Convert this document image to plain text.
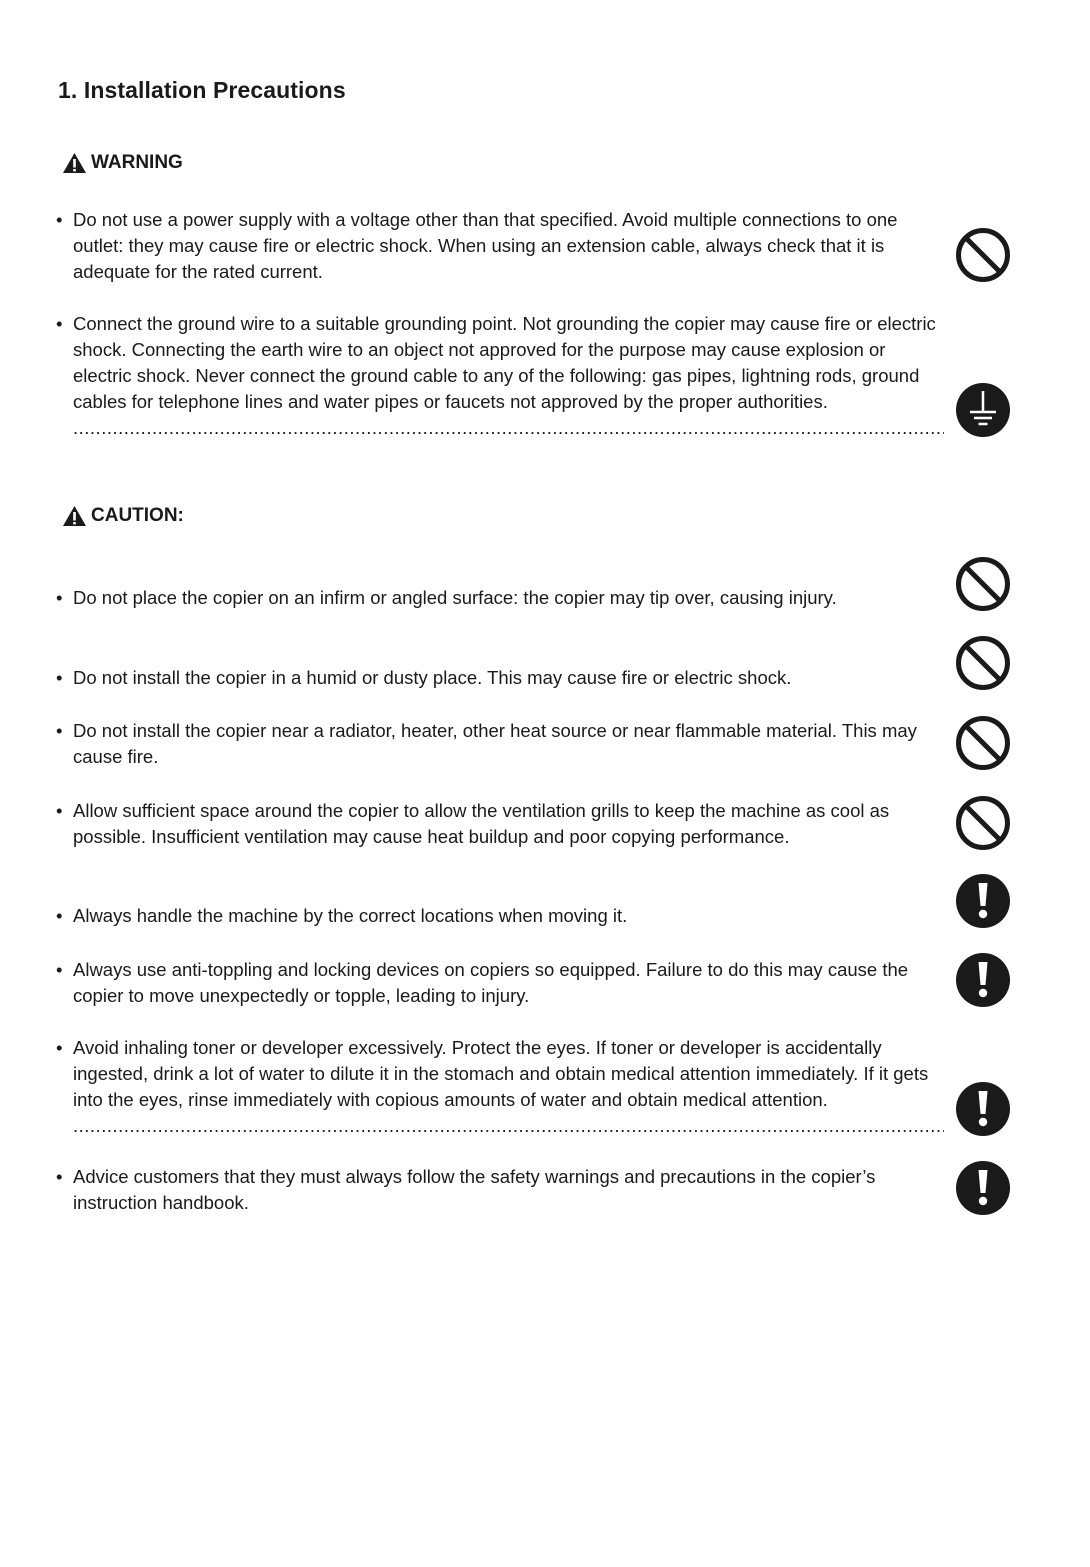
1. Installation Precautions
WARNING
• Do not use a power supply with a voltage other than that specified. Avoid multiple connections to one outlet: they may cause fire or electric shock. When using an extension cable, always check that it is adequate for the rated current. .....
• Connect the ground wire to a suitable grounding point. Not grounding the copier may cause fire or electric shock. Connecting the earth wire to an object not approved for the purpose may cause explosion or electric shock. Never connect the ground cable to any of the following: gas pipes, lightning rods, ground cables for telephone lines and water pipes or faucets not approved by the proper authorities. .....
CAUTION:
• Do not place the copier on an infirm or angled surface: the copier may tip over, causing injury. .....
• Do not install the copier in a humid or dusty place. This may cause fire or electric shock. .....
• Do not install the copier near a radiator, heater, other heat source or near flammable material. This may cause fire. .....
• Allow sufficient space around the copier to allow the ventilation grills to keep the machine as cool as possible. Insufficient ventilation may cause heat buildup and poor copying performance. .....
• Always handle the machine by the correct locations when moving it. .....
• Always use anti-toppling and locking devices on copiers so equipped. Failure to do this may cause the copier to move unexpectedly or topple, leading to injury. .....
• Avoid inhaling toner or developer excessively. Protect the eyes. If toner or developer is accidentally ingested, drink a lot of water to dilute it in the stomach and obtain medical attention immediately. If it gets into the eyes, rinse immediately with copious amounts of water and obtain medical attention. .....
• Advice customers that they must always follow the safety warnings and precautions in the copier’s instruction handbook. .....
